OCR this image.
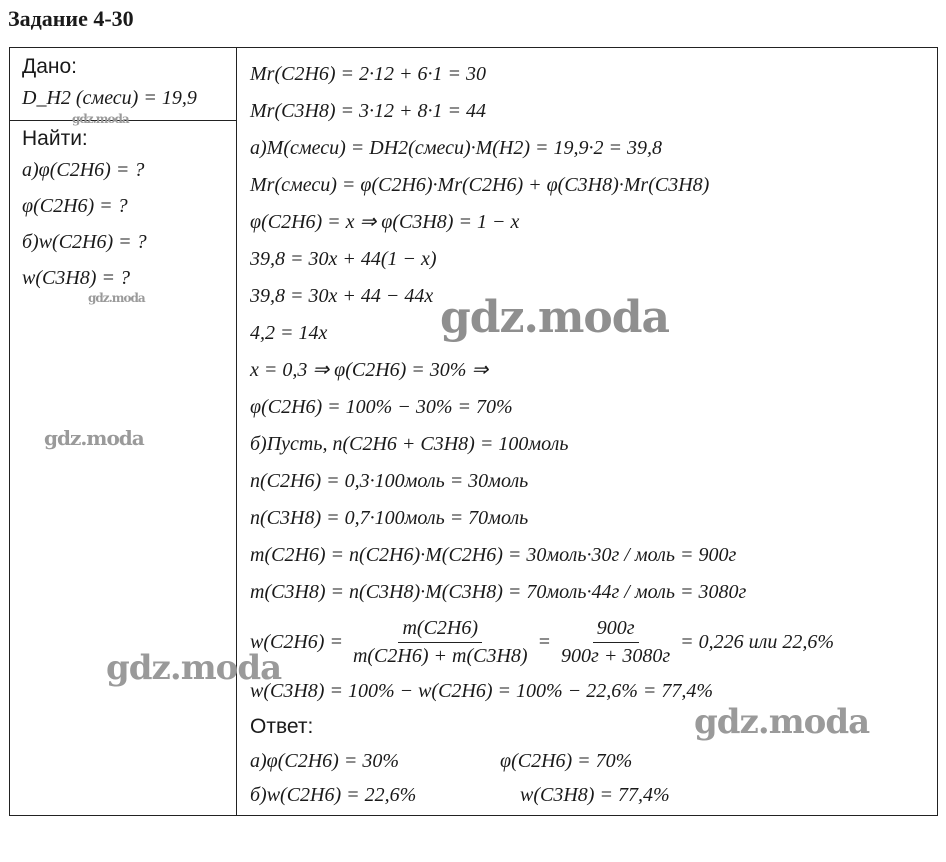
Задание 4-30
Дано:
D_H2 (смеси) = 19,9
Найти:
а)φ(C2H6) = ?
φ(C2H6) = ?
б)w(C2H6) = ?
w(C3H8) = ?
Mr(C2H6) = 2·12 + 6·1 = 30
Mr(C3H8) = 3·12 + 8·1 = 44
а)M(смеси) = DH2(смеси)·M(H2) = 19,9·2 = 39,8
Mr(смеси) = φ(C2H6)·Mr(C2H6) + φ(C3H8)·Mr(C3H8)
φ(C2H6) = x ⇒ φ(C3H8) = 1 − x
39,8 = 30x + 44(1 − x)
39,8 = 30x + 44 − 44x
4,2 = 14x
x = 0,3 ⇒ φ(C2H6) = 30% ⇒
φ(C2H6) = 100% − 30% = 70%
б)Пусть, n(C2H6 + C3H8) = 100моль
n(C2H6) = 0,3·100моль = 30моль
n(C3H8) = 0,7·100моль = 70моль
m(C2H6) = n(C2H6)·M(C2H6) = 30моль·30г / моль = 900г
m(C3H8) = n(C3H8)·M(C3H8) = 70моль·44г / моль = 3080г
$w(C2H6) = \frac{m(C2H6)}{m(C2H6) + m(C3H8)} = \frac{900г}{900г + 3080г} = 0,226$ или 22,6%
w(C3H8) = 100% − w(C2H6) = 100% − 22,6% = 77,4%
Ответ:
а)φ(C2H6) = 30%	φ(C2H6) = 70%
б)w(C2H6) = 22,6%	w(C3H8) = 77,4%
gdz.moda
gdz.moda
gdz.moda
gdz.moda
gdz.moda
gdz.moda
